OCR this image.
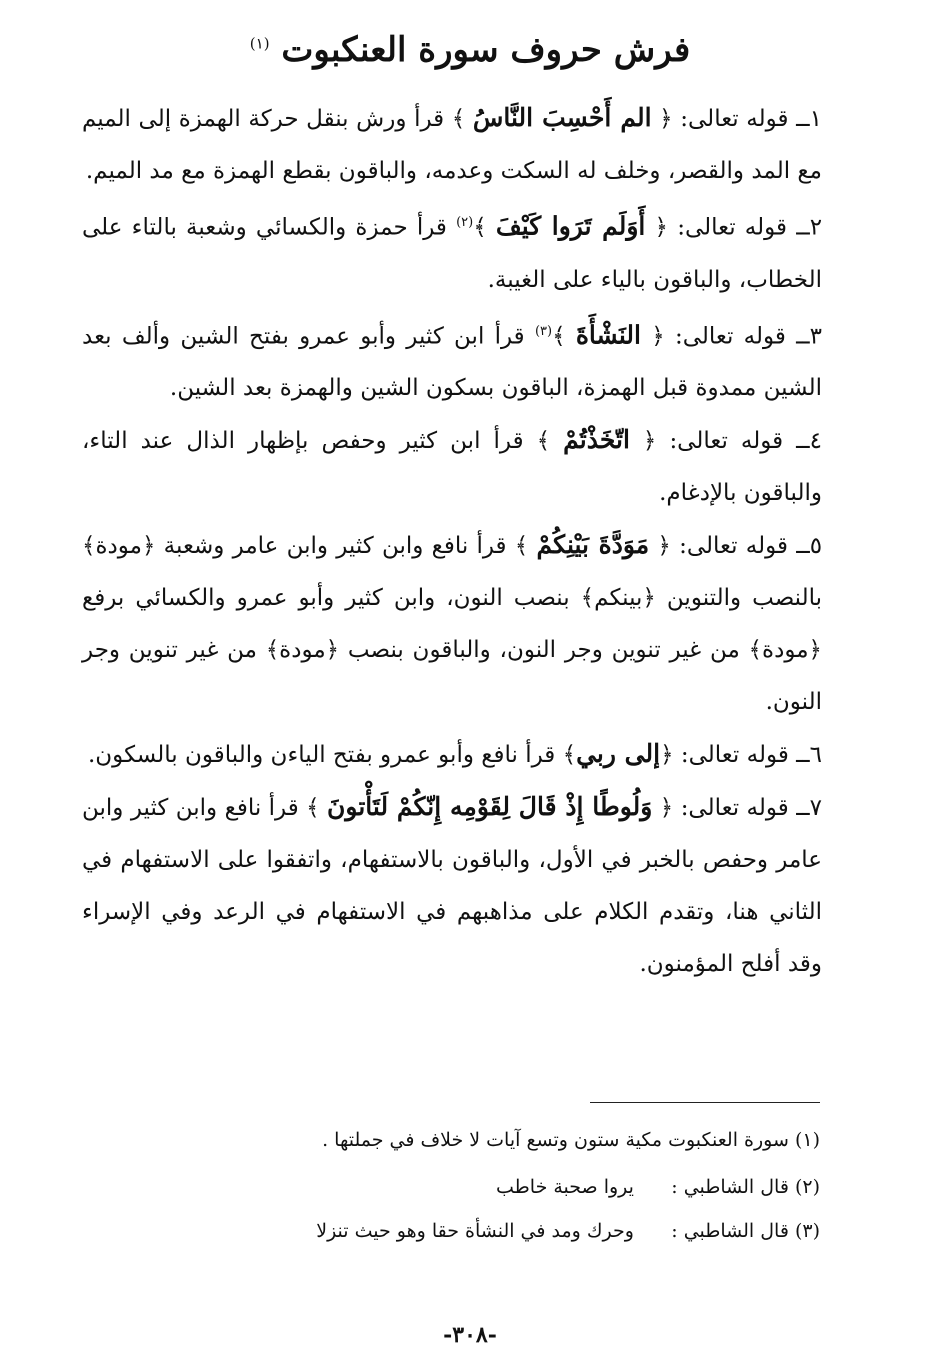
فرش حروف سورة العنكبوت $^{(١)}$

١ــ قوله تعالى: ﴿ الم أَحْسِبَ النَّاسُ ﴾ قرأ ورش بنقل حركة الهمزة إلى الميم مع المد والقصر، وخلف له السكت وعدمه، والباقون بقطع الهمزة مع مد الميم.

٢ــ قوله تعالى: ﴿ أَوَلَم تَرَوا كَيْفَ ﴾$^{(٢)}$ قرأ حمزة والكسائي وشعبة بالتاء على الخطاب، والباقون بالياء على الغيبة.

٣ــ قوله تعالى: ﴿ النَشْأَةَ ﴾$^{(٣)}$ قرأ ابن كثير وأبو عمرو بفتح الشين وألف بعد الشين ممدوة قبل الهمزة، الباقون بسكون الشين والهمزة بعد الشين.

٤ــ قوله تعالى: ﴿ اتّخَذْتُمْ ﴾ قرأ ابن كثير وحفص بإظهار الذال عند التاء، والباقون بالإدغام.

٥ــ قوله تعالى: ﴿ مَوَدَّةَ بَيْنِكُمْ ﴾ قرأ نافع وابن كثير وابن عامر وشعبة ﴿مودة﴾ بالنصب والتنوين ﴿بينكم﴾ بنصب النون، وابن كثير وأبو عمرو والكسائي برفع ﴿مودة﴾ من غير تنوين وجر النون، والباقون بنصب ﴿مودة﴾ من غير تنوين وجر النون.

٦ــ قوله تعالى: ﴿إلى ربي﴾ قرأ نافع وأبو عمرو بفتح الياءن والباقون بالسكون.

٧ــ قوله تعالى: ﴿ وَلُوطًا إِذْ قَالَ لِقَوْمِه إِنّكُمْ لَتَأْتونَ ﴾ قرأ نافع وابن كثير وابن عامر وحفص بالخبر في الأول، والباقون بالاستفهام، واتفقوا على الاستفهام في الثاني هنا، وتقدم الكلام على مذاهبهم في الاستفهام في الرعد وفي الإسراء وقد أفلح المؤمنون.

(١) سورة العنكبوت مكية ستون وتسع آيات لا خلاف في جملتها .
(٢) قال الشاطبي : يروا صحبة خاطب
(٣) قال الشاطبي : وحرك ومد في النشأة حقا وهو حيث تنزلا
-٣٠٨-
